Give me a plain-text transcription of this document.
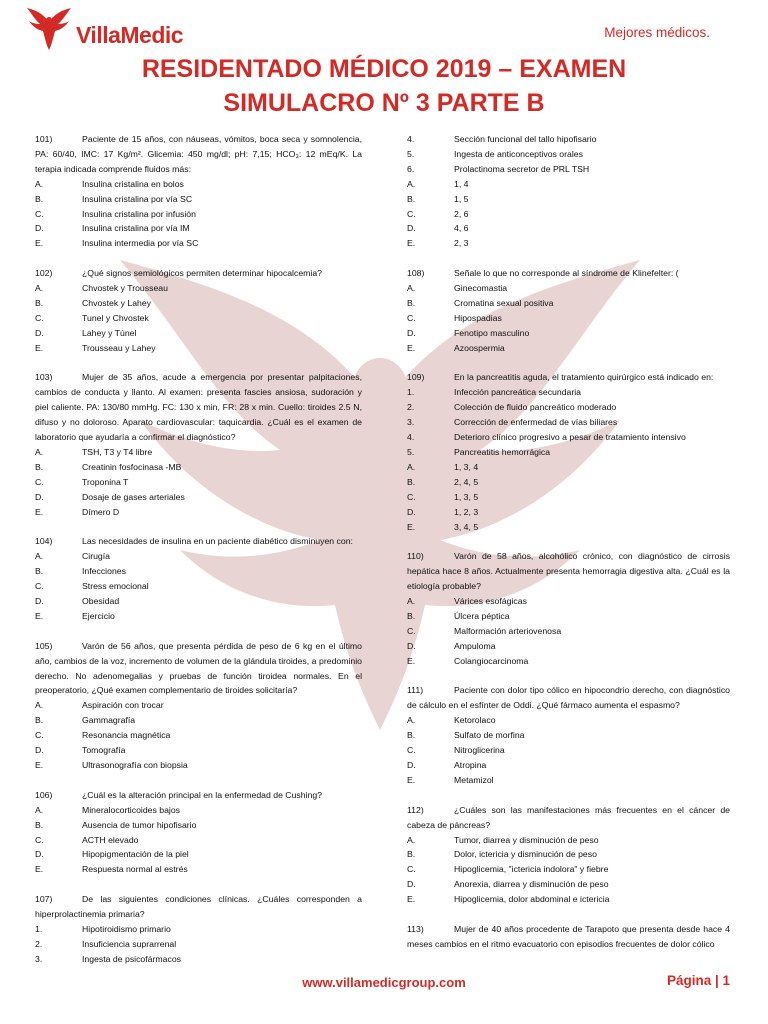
VillaMedic	Mejores médicos.
RESIDENTADO MÉDICO 2019 – EXAMEN
SIMULACRO Nº 3 PARTE B
101)	Paciente de 15 años, con náuseas, vómitos, boca seca y somnolencia, PA: 60/40, IMC: 17 Kg/m². Glicemia: 450 mg/dl; pH: 7,15; HCO₃: 12 mEq/K. La terapia indicada comprende fluidos más:
A.	Insulina cristalina en bolos
B.	Insulina cristalina por vía SC
C.	Insulina cristalina por infusión
D.	Insulina cristalina por vía IM
E.	Insulina intermedia por vía SC
102)	¿Qué signos semiológicos permiten determinar hipocalcemia?
A.	Chvostek y Trousseau
B.	Chvostek y Lahey
C.	Tunel y Chvostek
D.	Lahey y Túnel
E.	Trousseau y Lahey
103)	Mujer de 35 años, acude a emergencia por presentar palpitaciones, cambios de conducta y llanto. Al examen: presenta fascies ansiosa, sudoración y piel caliente. PA: 130/80 mmHg. FC: 130 x min, FR: 28 x min. Cuello: tiroides 2.5 N, difuso y no doloroso. Aparato cardiovascular: taquicardia. ¿Cuál es el examen de laboratorio que ayudaría a confirmar el diagnóstico?
A.	TSH, T3 y T4 libre
B.	Creatinin fosfocinasa -MB
C.	Troponina T
D.	Dosaje de gases arteriales
E.	Dímero D
104)	Las necesidades de insulina en un paciente diabético disminuyen con:
A.	Cirugía
B.	Infecciones
C.	Stress emocional
D.	Obesidad
E.	Ejercicio
105)	Varón de 56 años, que presenta pérdida de peso de 6 kg en el último año, cambios de la voz, incremento de volumen de la glándula tiroides, a predominio derecho. No adenomegalias y pruebas de función tiroidea normales. En el preoperatorio, ¿Qué examen complementario de tiroides solicitaría?
A.	Aspiración con trocar
B.	Gammagrafía
C.	Resonancia magnética
D.	Tomografía
E.	Ultrasonografía con biopsia
106)	¿Cuál es la alteración principal en la enfermedad de Cushing?
A.	Mineralocorticoides bajos
B.	Ausencia de tumor hipofisario
C.	ACTH elevado
D.	Hipopigmentación de la piel
E.	Respuesta normal al estrés
107)	De las siguientes condiciones clínicas. ¿Cuáles corresponden a hiperprolactinemia primaria?
1.	Hipotiroidismo primario
2.	Insuficiencia suprarrenal
3.	Ingesta de psicofármacos
4.	Sección funcional del tallo hipofisario
5.	Ingesta de anticonceptivos orales
6.	Prolactinoma secretor de PRL TSH
A.	1, 4
B.	1, 5
C.	2, 6
D.	4, 6
E.	2, 3
108)	Señale lo que no corresponde al síndrome de Klinefelter: (
A.	Ginecomastia
B.	Cromatina sexual positiva
C.	Hipospadias
D.	Fenotipo masculino
E.	Azoospermia
109)	En la pancreatitis aguda, el tratamiento quirúrgico está indicado en:
1.	Infección pancreática secundaria
2.	Colección de fluido pancreático moderado
3.	Corrección de enfermedad de vías biliares
4.	Deterioro clínico progresivo a pesar de tratamiento intensivo
5.	Pancreatitis hemorrágica
A.	1, 3, 4
B.	2, 4, 5
C.	1, 3, 5
D.	1, 2, 3
E.	3, 4, 5
110)	Varón de 58 años, alcohólico crónico, con diagnóstico de cirrosis hepática hace 8 años. Actualmente presenta hemorragia digestiva alta. ¿Cuál es la etiología probable?
A.	Várices esofágicas
B.	Úlcera péptica
C.	Malformación arteriovenosa
D.	Ampuloma
E.	Colangiocarcinoma
111)	Paciente con dolor tipo cólico en hipocondrio derecho, con diagnóstico de cálculo en el esfínter de Oddi. ¿Qué fármaco aumenta el espasmo?
A.	Ketorolaco
B.	Sulfato de morfina
C.	Nitroglicerina
D.	Atropina
E.	Metamizol
112)	¿Cuáles son las manifestaciones más frecuentes en el cáncer de cabeza de páncreas?
A.	Tumor, diarrea y disminución de peso
B.	Dolor, ictericia y disminución de peso
C.	Hipoglicemia, "ictericia indolora" y fiebre
D.	Anorexia, diarrea y disminución de peso
E.	Hipoglicemia, dolor abdominal e ictericia
113)	Mujer de 40 años procedente de Tarapoto que presenta desde hace 4 meses cambios en el ritmo evacuatorio con episodios frecuentes de dolor cólico
www.villamedicgroup.com	Página | 1
